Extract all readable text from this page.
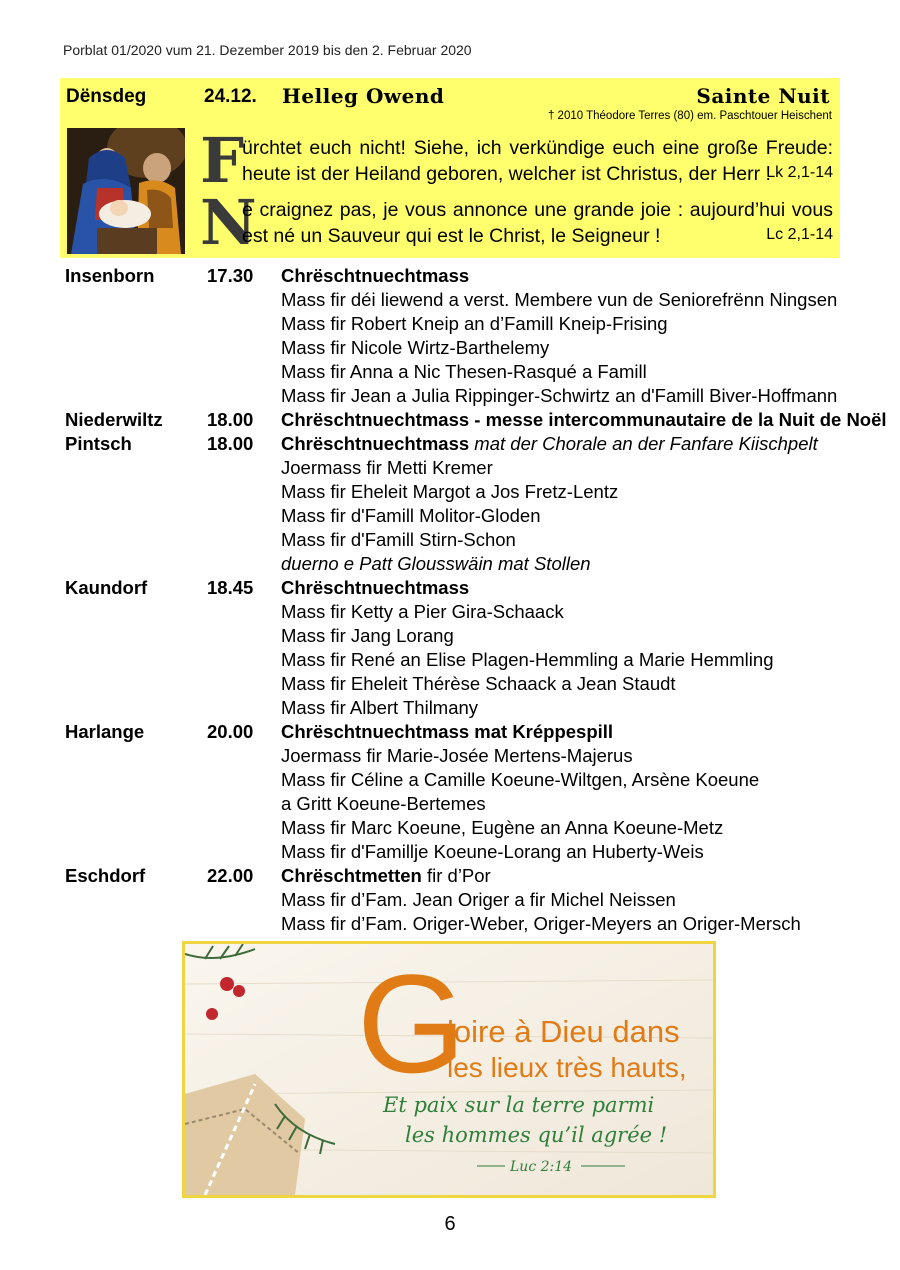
Porblat 01/2020 vum 21. Dezember 2019 bis den 2. Februar 2020
Dënsdeg	24.12. Helleg Owend	Sainte Nuit
† 2010 Théodore Terres (80) em. Paschtouer Heischent
F
ürchtet euch nicht! Siehe, ich verkündige euch eine große Freude:
heute ist der Heiland geboren, welcher ist Christus, der Herr !
Lk 2,1-14
N
e craignez pas, je vous annonce une grande joie : aujourd’hui vous
est né un Sauveur qui est le Christ, le Seigneur !	Lc 2,1-14
Insenborn	17.30 Chrëschtnuechtmass
Mass fir déi liewend a verst. Membere vun de Seniorefrënn Ningsen
Mass fir Robert Kneip an d’Famill Kneip-Frising
Mass fir Nicole Wirtz-Barthelemy
Mass fir Anna a Nic Thesen-Rasqué a Famill
Mass fir Jean a Julia Rippinger-Schwirtz an d'Famill Biver-Hoffmann
Niederwiltz 18.00 Chrëschtnuechtmass - messe intercommunautaire de la Nuit de Noël
Pintsch	18.00 Chrëschtnuechtmass mat der Chorale an der Fanfare Kiischpelt
Joermass fir Metti Kremer
Mass fir Eheleit Margot a Jos Fretz-Lentz
Mass fir d'Famill Molitor-Gloden
Mass fir d'Famill Stirn-Schon
duerno e Patt Glousswäin mat Stollen
Kaundorf	18.45 Chrëschtnuechtmass
Mass fir Ketty a Pier Gira-Schaack
Mass fir Jang Lorang
Mass fir René an Elise Plagen-Hemmling a Marie Hemmling
Mass fir Eheleit Thérèse Schaack a Jean Staudt
Mass fir Albert Thilmany
Harlange	20.00 Chrëschtnuechtmass mat Kréppespill
Joermass fir Marie-Josée Mertens-Majerus
Mass fir Céline a Camille Koeune-Wiltgen, Arsène Koeune
a Gritt Koeune-Bertemes
Mass fir Marc Koeune, Eugène an Anna Koeune-Metz
Mass fir d'Famillje Koeune-Lorang an Huberty-Weis
Eschdorf	22.00 Chrëschtmetten fir d’Por
Mass fir d’Fam. Jean Origer a fir Michel Neissen
Mass fir d’Fam. Origer-Weber, Origer-Meyers an Origer-Mersch
G
loire à Dieu dans
les lieux très hauts,
Et paix sur la terre parmi
les hommes qu’il agrée !
Luc 2:14
6
